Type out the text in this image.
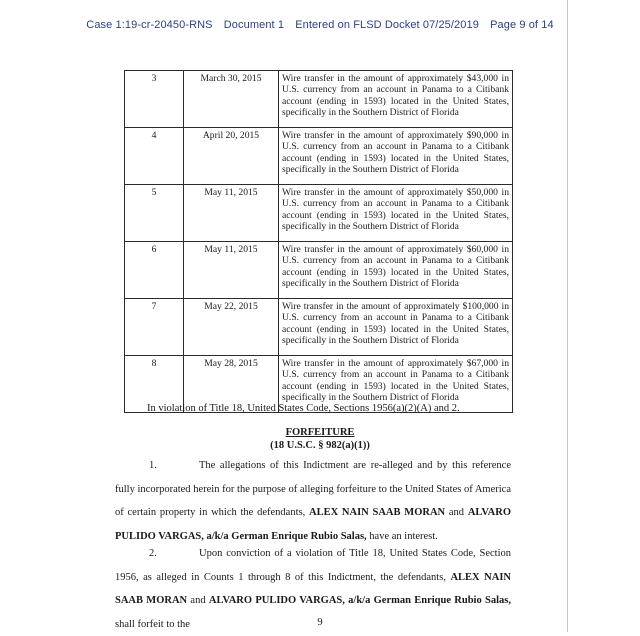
Case 1:19-cr-20450-RNS Document 1 Entered on FLSD Docket 07/25/2019 Page 9 of 14
3	March 30, 2015	Wire transfer in the amount of approximately $43,000 in U.S. currency from an account in Panama to a Citibank account (ending in 1593) located in the United States, specifically in the Southern District of Florida
4	April 20, 2015	Wire transfer in the amount of approximately $90,000 in U.S. currency from an account in Panama to a Citibank account (ending in 1593) located in the United States, specifically in the Southern District of Florida
5	May 11, 2015	Wire transfer in the amount of approximately $50,000 in U.S. currency from an account in Panama to a Citibank account (ending in 1593) located in the United States, specifically in the Southern District of Florida
6	May 11, 2015	Wire transfer in the amount of approximately $60,000 in U.S. currency from an account in Panama to a Citibank account (ending in 1593) located in the United States, specifically in the Southern District of Florida
7	May 22, 2015	Wire transfer in the amount of approximately $100,000 in U.S. currency from an account in Panama to a Citibank account (ending in 1593) located in the United States, specifically in the Southern District of Florida
8	May 28, 2015	Wire transfer in the amount of approximately $67,000 in U.S. currency from an account in Panama to a Citibank account (ending in 1593) located in the United States, specifically in the Southern District of Florida
In violation of Title 18, United States Code, Sections 1956(a)(2)(A) and 2.
FORFEITURE
(18 U.S.C. § 982(a)(1))
1.	The allegations of this Indictment are re-alleged and by this reference fully incorporated herein for the purpose of alleging forfeiture to the United States of America of certain property in which the defendants, ALEX NAIN SAAB MORAN and ALVARO PULIDO VARGAS, a/k/a German Enrique Rubio Salas, have an interest.
2.	Upon conviction of a violation of Title 18, United States Code, Section 1956, as alleged in Counts 1 through 8 of this Indictment, the defendants, ALEX NAIN SAAB MORAN and ALVARO PULIDO VARGAS, a/k/a German Enrique Rubio Salas, shall forfeit to the	9
